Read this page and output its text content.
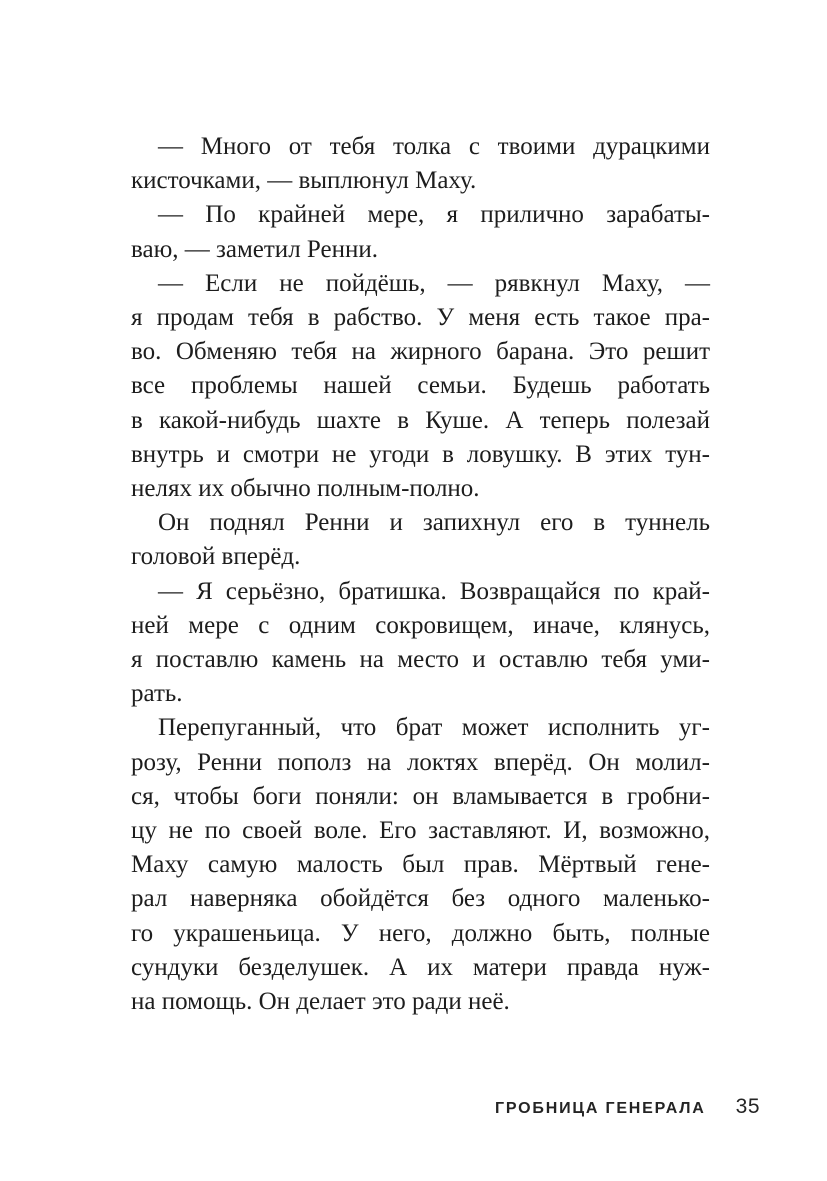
— Много от тебя толка с твоими дурацкими
кисточками, — выплюнул Маху.
— По крайней мере, я прилично зарабаты-
ваю, — заметил Ренни.
— Если не пойдёшь, — рявкнул Маху, —
я продам тебя в рабство. У меня есть такое пра-
во. Обменяю тебя на жирного барана. Это решит
все проблемы нашей семьи. Будешь работать
в какой-нибудь шахте в Куше. А теперь полезай
внутрь и смотри не угоди в ловушку. В этих тун-
нелях их обычно полным-полно.
Он поднял Ренни и запихнул его в туннель
головой вперёд.
— Я серьёзно, братишка. Возвращайся по край-
ней мере с одним сокровищем, иначе, клянусь,
я поставлю камень на место и оставлю тебя уми-
рать.
Перепуганный, что брат может исполнить уг-
розу, Ренни пополз на локтях вперёд. Он молил-
ся, чтобы боги поняли: он вламывается в гробни-
цу не по своей воле. Его заставляют. И, возможно,
Маху самую малость был прав. Мёртвый гене-
рал наверняка обойдётся без одного маленько-
го украшеньица. У него, должно быть, полные
сундуки безделушек. А их матери правда нуж-
на помощь. Он делает это ради неё.
ГРОБНИЦА ГЕНЕРАЛА 35
